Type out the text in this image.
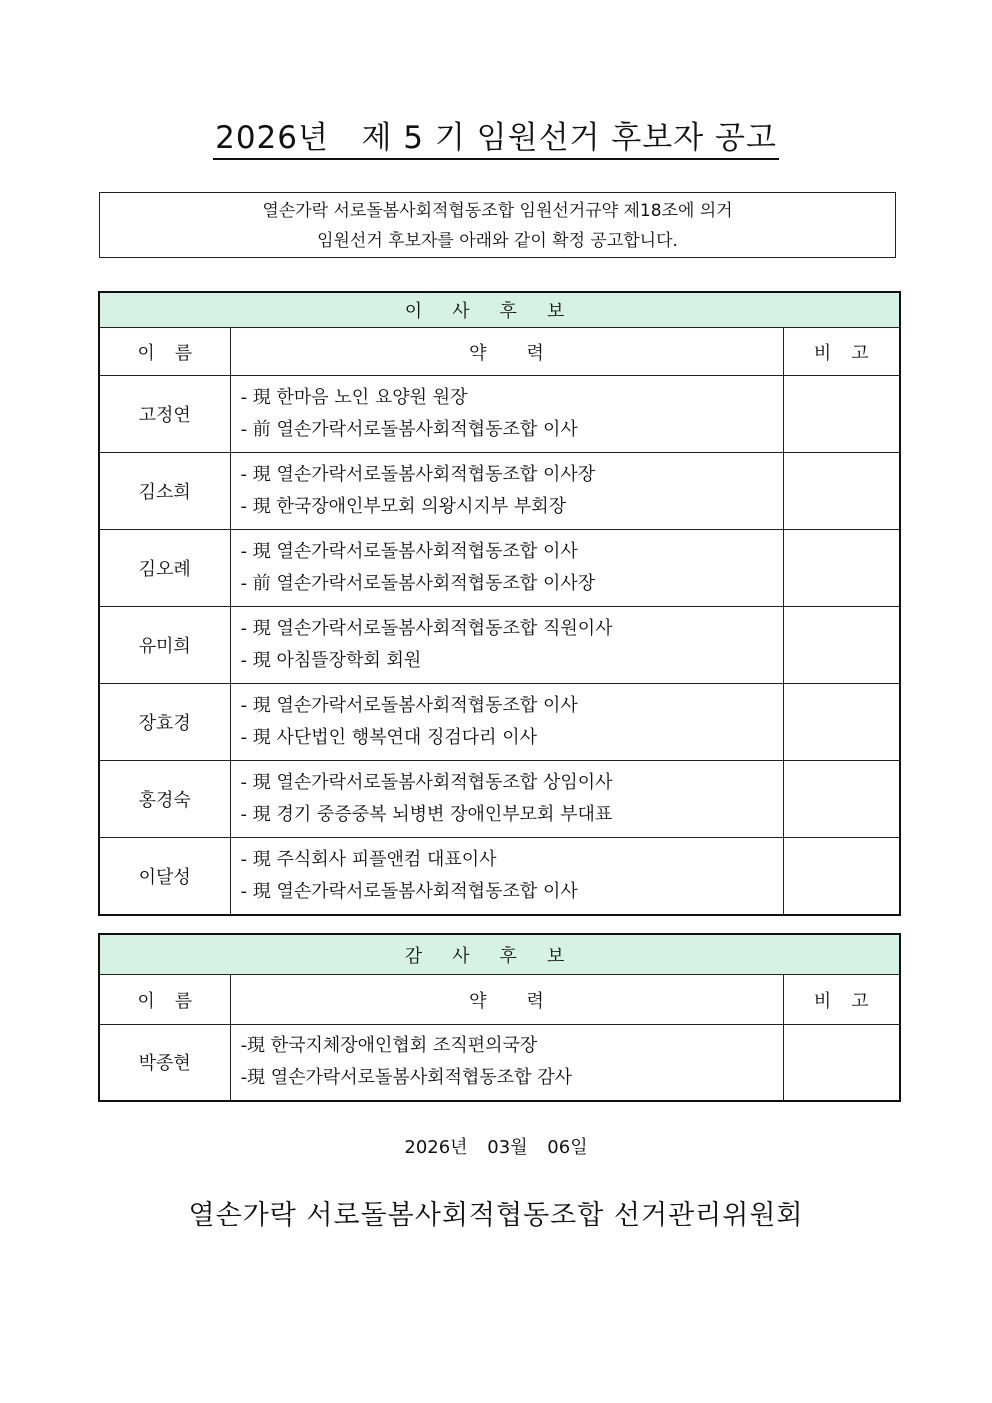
2026년   제 5 기 임원선거 후보자 공고
열손가락 서로돌봄사회적협동조합 임원선거규약 제18조에 의거
임원선거 후보자를 아래와 같이 확정 공고합니다.
이사후보		
이름	약력	비고
고정연	- 現 한마음 노인 요양원 원장
- 前 열손가락서로돌봄사회적협동조합 이사	

김소희	- 現 열손가락서로돌봄사회적협동조합 이사장
- 現 한국장애인부모회 의왕시지부 부회장	

김오례	- 現 열손가락서로돌봄사회적협동조합 이사
- 前 열손가락서로돌봄사회적협동조합 이사장	

유미희	- 現 열손가락서로돌봄사회적협동조합 직원이사
- 現 아침뜰장학회 회원	

장효경	- 現 열손가락서로돌봄사회적협동조합 이사
- 現 사단법인 행복연대 징검다리 이사	

홍경숙	- 現 열손가락서로돌봄사회적협동조합 상임이사
- 現 경기 중증중복 뇌병변 장애인부모회 부대표	

이달성	- 現 주식회사 피플앤컴 대표이사
- 現 열손가락서로돌봄사회적협동조합 이사	

감사후보		
이름	약력	비고
박종현	-現 한국지체장애인협회 조직편의국장
-現 열손가락서로돌봄사회적협동조합 감사	

2026년 03월 06일
열손가락 서로돌봄사회적협동조합 선거관리위원회
